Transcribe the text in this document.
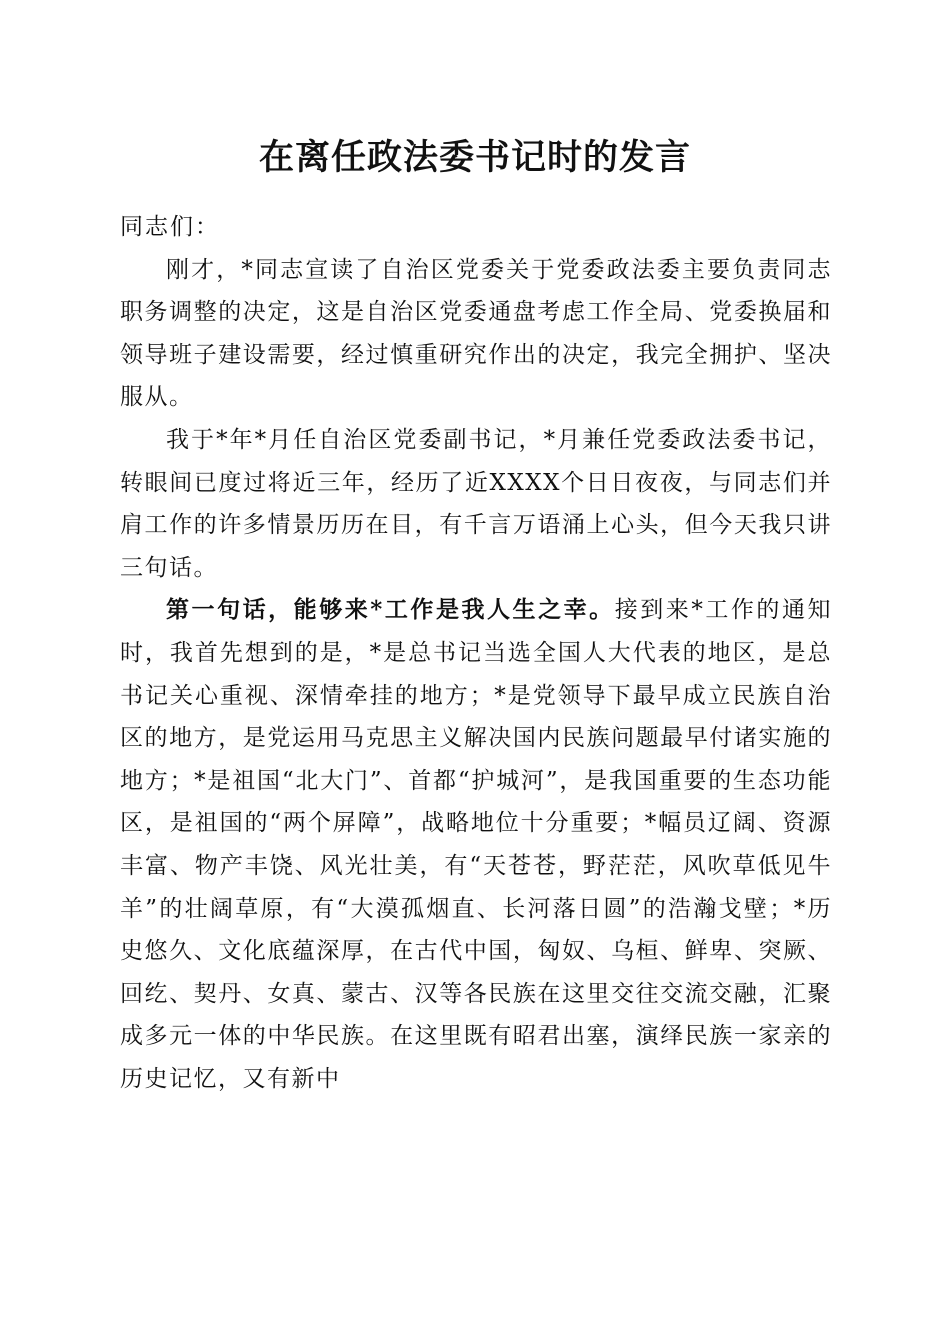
在离任政法委书记时的发言

同志们：

刚才，*同志宣读了自治区党委关于党委政法委主要负责同志职务调整的决定，这是自治区党委通盘考虑工作全局、党委换届和领导班子建设需要，经过慎重研究作出的决定，我完全拥护、坚决服从。

我于*年*月任自治区党委副书记，*月兼任党委政法委书记，转眼间已度过将近三年，经历了近XXXX个日日夜夜，与同志们并肩工作的许多情景历历在目，有千言万语涌上心头，但今天我只讲三句话。

第一句话，能够来*工作是我人生之幸。接到来*工作的通知时，我首先想到的是，*是总书记当选全国人大代表的地区，是总书记关心重视、深情牵挂的地方；*是党领导下最早成立民族自治区的地方，是党运用马克思主义解决国内民族问题最早付诸实施的地方；*是祖国“北大门”、首都“护城河”，是我国重要的生态功能区，是祖国的“两个屏障”，战略地位十分重要；*幅员辽阔、资源丰富、物产丰饶、风光壮美，有“天苍苍，野茫茫，风吹草低见牛羊”的壮阔草原，有“大漠孤烟直、长河落日圆”的浩瀚戈壁；*历史悠久、文化底蕴深厚，在古代中国，匈奴、乌桓、鲜卑、突厥、回纥、契丹、女真、蒙古、汉等各民族在这里交往交流交融，汇聚成多元一体的中华民族。在这里既有昭君出塞，演绎民族一家亲的历史记忆，又有新中
